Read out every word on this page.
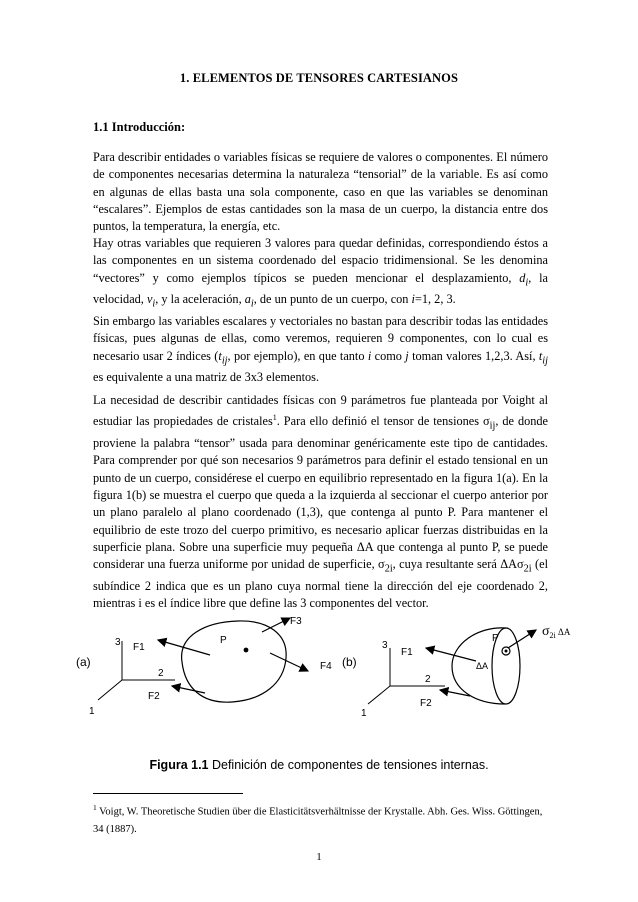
1. ELEMENTOS DE TENSORES CARTESIANOS
1.1 Introducción:

Para describir entidades o variables físicas se requiere de valores o componentes. El número de componentes necesarias determina la naturaleza “tensorial” de la variable. Es así como en algunas de ellas basta una sola componente, caso en que las variables se denominan “escalares”. Ejemplos de estas cantidades son la masa de un cuerpo, la distancia entre dos puntos, la temperatura, la energía, etc.

Hay otras variables que requieren 3 valores para quedar definidas, correspondiendo éstos a las componentes en un sistema coordenado del espacio tridimensional. Se les denomina “vectores” y como ejemplos típicos se pueden mencionar el desplazamiento, $d_i$, la velocidad, $v_i$, y la aceleración, $a_i$, de un punto de un cuerpo, con i=1, 2, 3.

Sin embargo las variables escalares y vectoriales no bastan para describir todas las entidades físicas, pues algunas de ellas, como veremos, requieren 9 componentes, con lo cual es necesario usar 2 índices ($t_{ij}$, por ejemplo), en que tanto i como j toman valores 1,2,3. Así, $t_{ij}$ es equivalente a una matriz de 3x3 elementos.

La necesidad de describir cantidades físicas con 9 parámetros fue planteada por Voight al estudiar las propiedades de cristales$^1$. Para ello definió el tensor de tensiones $\sigma_{ij}$, de donde proviene la palabra “tensor” usada para denominar genéricamente este tipo de cantidades. Para comprender por qué son necesarios 9 parámetros para definir el estado tensional en un punto de un cuerpo, considérese el cuerpo en equilibrio representado en la figura 1(a). En la figura 1(b) se muestra el cuerpo que queda a la izquierda al seccionar el cuerpo anterior por un plano paralelo al plano coordenado (1,3), que contenga al punto P. Para mantener el equilibrio de este trozo del cuerpo primitivo, es necesario aplicar fuerzas distribuidas en la superficie plana. Sobre una superficie muy pequeña ΔA que contenga al punto P, se puede considerar una fuerza uniforme por unidad de superficie, $\sigma_{2i}$, cuya resultante será ΔAσ$_{2i}$ (el subíndice 2 indica que es un plano cuya normal tiene la dirección del eje coordenado 2, mientras i es el índice libre que define las 3 componentes del vector.

(a)
3
2
1
P
F1
F2
F3
F4 (b)
3
2
1
P
ΔA
σ2i ΔA
F1
F2
Figura 1.1 Definición de componentes de tensiones internas.
$^1$ Voigt, W. Theoretische Studien über die Elasticitätsverhältnisse der Krystalle. Abh. Ges. Wiss. Göttingen, 34 (1887).
1
